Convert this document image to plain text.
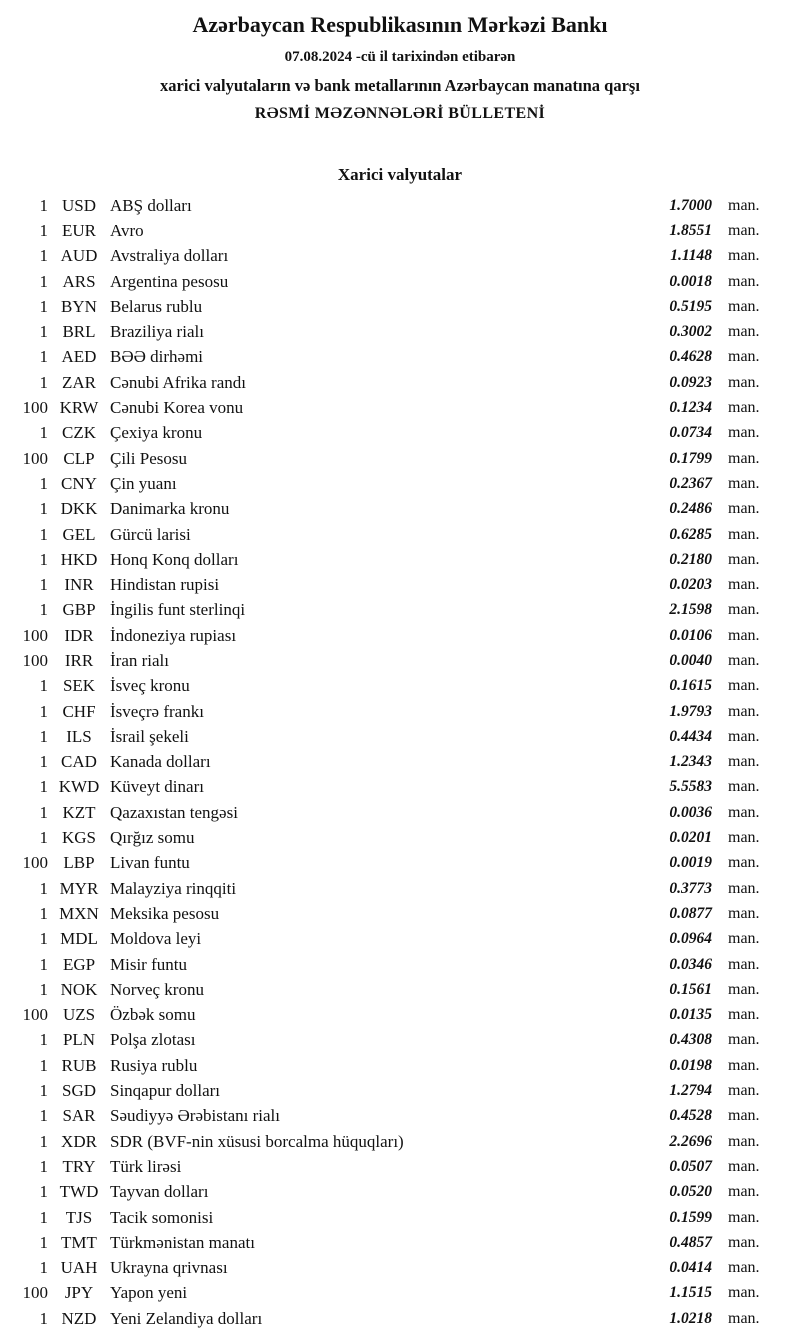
Azərbaycan Respublikasının Mərkəzi Bankı
07.08.2024 -cü il tarixindən etibarən
xarici valyutaların və bank metallarının Azərbaycan manatına qarşı
RƏSMİ MƏZƏNNƏLƏRİ BÜLLETENİ
Xarici valyutalar
1 USD ABŞ dolları	1.7000	man.
1 EUR Avro	1.8551	man.
1 AUD Avstraliya dolları	1.1148	man.
1 ARS Argentina pesosu	0.0018	man.
1 BYN Belarus rublu	0.5195	man.
1 BRL Braziliya rialı	0.3002	man.
1 AED BƏƏ dirhəmi	0.4628	man.
1 ZAR Cənubi Afrika randı	0.0923	man.
100 KRW Cənubi Korea vonu	0.1234	man.
1 CZK Çexiya kronu	0.0734	man.
100 CLP Çili Pesosu	0.1799	man.
1 CNY Çin yuanı	0.2367	man.
1 DKK Danimarka kronu	0.2486	man.
1 GEL Gürcü larisi	0.6285	man.
1 HKD Honq Konq dolları	0.2180	man.
1 INR Hindistan rupisi	0.0203	man.
1 GBP İngilis funt sterlinqi	2.1598	man.
100 IDR İndoneziya rupiası	0.0106	man.
100 IRR İran rialı	0.0040	man.
1 SEK İsveç kronu	0.1615	man.
1 CHF İsveçrə frankı	1.9793	man.
1	ILS	İsrail şekeli	0.4434	man.
1 CAD Kanada dolları	1.2343	man.
1 KWD Küveyt dinarı	5.5583	man.
1 KZT Qazaxıstan tengəsi	0.0036	man.
1 KGS Qırğız somu	0.0201	man.
100 LBP Livan funtu	0.0019	man.
1 MYR Malayziya rinqqiti	0.3773	man.
1 MXN Meksika pesosu	0.0877	man.
1 MDL Moldova leyi	0.0964	man.
1 EGP Misir funtu	0.0346	man.
1 NOK Norveç kronu	0.1561	man.
100 UZS Özbək somu	0.0135	man.
1 PLN Polşa zlotası	0.4308	man.
1 RUB Rusiya rublu	0.0198	man.
1 SGD Sinqapur dolları	1.2794	man.
1 SAR Səudiyyə Ərəbistanı rialı	0.4528	man.
1 XDR SDR (BVF-nin xüsusi borcalma hüquqları)	2.2696	man.
1 TRY Türk lirəsi	0.0507	man.
1 TWD Tayvan dolları	0.0520	man.
1	TJS	Tacik somonisi	0.1599	man.
1 TMT Türkmənistan manatı	0.4857	man.
1 UAH Ukrayna qrivnası	0.0414	man.
100 JPY Yapon yeni	1.1515	man.
1 NZD Yeni Zelandiya dolları	1.0218	man.
